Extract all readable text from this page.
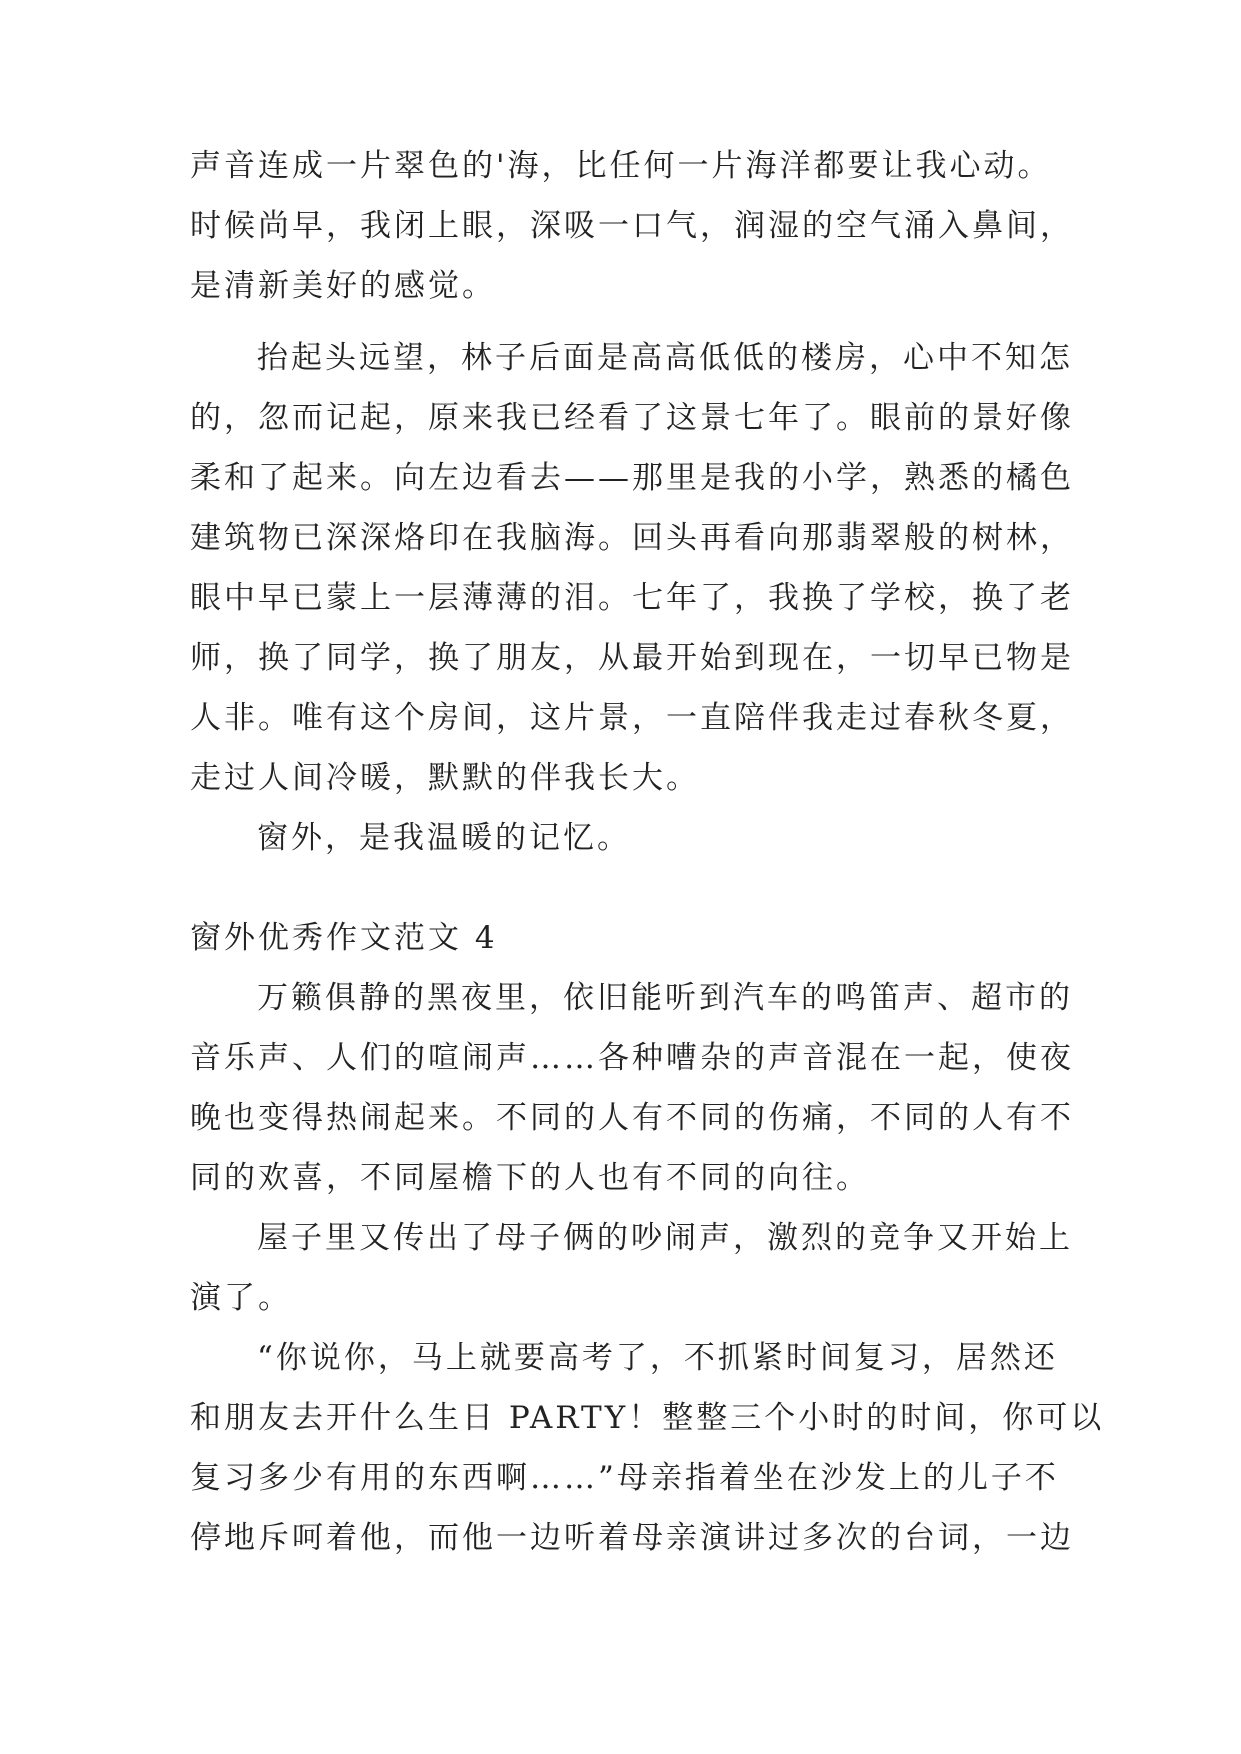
声音连成一片翠色的'海，比任何一片海洋都要让我心动。
时候尚早，我闭上眼，深吸一口气，润湿的空气涌入鼻间，
是清新美好的感觉。
抬起头远望，林子后面是高高低低的楼房，心中不知怎
的，忽而记起，原来我已经看了这景七年了。眼前的景好像
柔和了起来。向左边看去——那里是我的小学，熟悉的橘色
建筑物已深深烙印在我脑海。回头再看向那翡翠般的树林，
眼中早已蒙上一层薄薄的泪。七年了，我换了学校，换了老
师，换了同学，换了朋友，从最开始到现在，一切早已物是
人非。唯有这个房间，这片景，一直陪伴我走过春秋冬夏，
走过人间冷暖，默默的伴我长大。
窗外，是我温暖的记忆。
窗外优秀作文范文 4
万籁俱静的黑夜里，依旧能听到汽车的鸣笛声、超市的
音乐声、人们的喧闹声……各种嘈杂的声音混在一起，使夜
晚也变得热闹起来。不同的人有不同的伤痛，不同的人有不
同的欢喜，不同屋檐下的人也有不同的向往。
屋子里又传出了母子俩的吵闹声，激烈的竞争又开始上
演了。
“你说你，马上就要高考了，不抓紧时间复习，居然还
和朋友去开什么生日 PARTY！整整三个小时的时间，你可以
复习多少有用的东西啊……”母亲指着坐在沙发上的儿子不
停地斥呵着他，而他一边听着母亲演讲过多次的台词，一边
